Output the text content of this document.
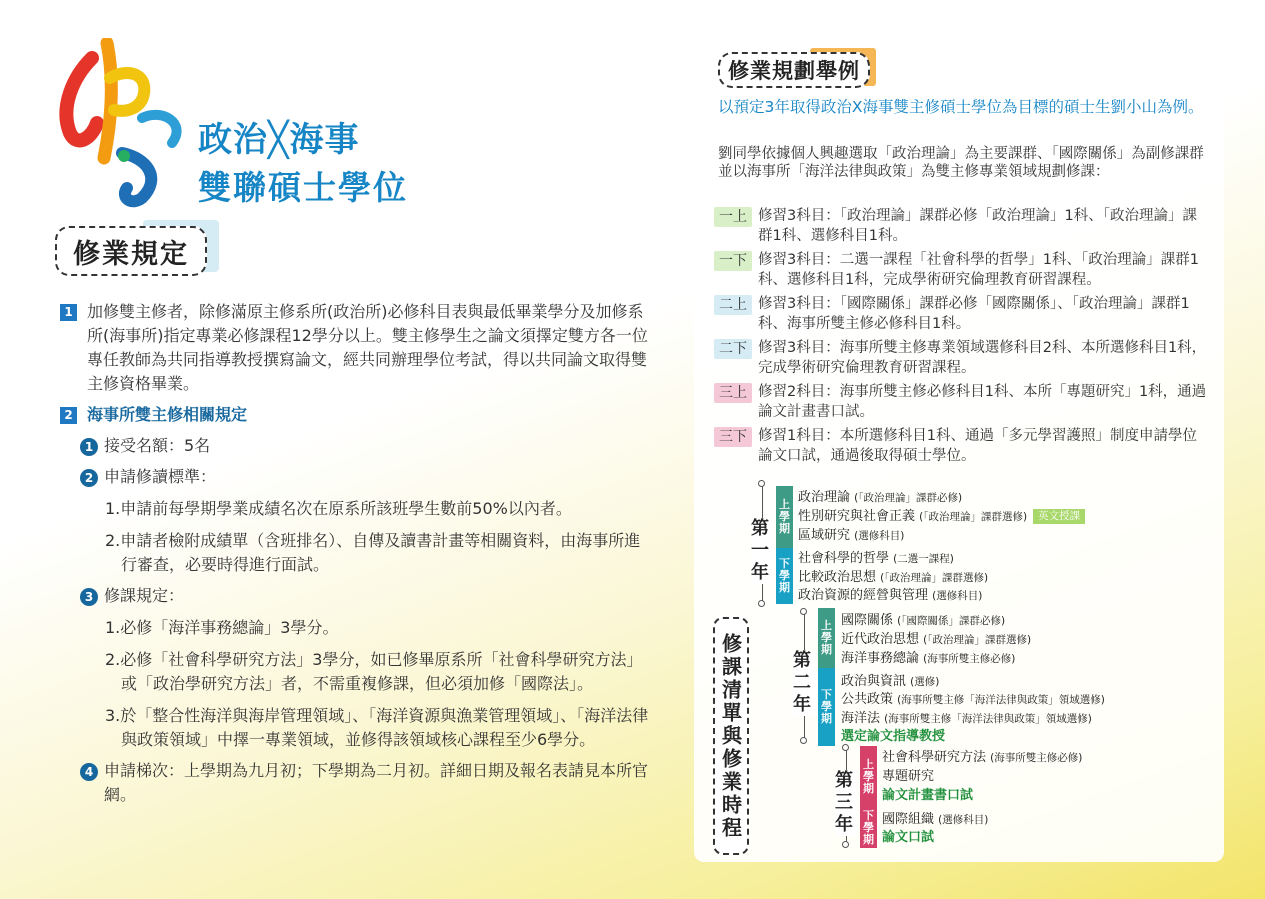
政治╳海事
雙聯碩士學位
修業規定
1 加修雙主修者，除修滿原主修系所(政治所)必修科目表與最低畢業學分及加修系所(海事所)指定專業必修課程12學分以上。雙主修學生之論文須擇定雙方各一位專任教師為共同指導教授撰寫論文，經共同辦理學位考試，得以共同論文取得雙主修資格畢業。
2 海事所雙主修相關規定
1 接受名額：5名
2 申請修讀標準：
1.申請前每學期學業成績名次在原系所該班學生數前50%以內者。
2.申請者檢附成績單（含班排名）、自傳及讀書計畫等相關資料，由海事所進行審查，必要時得進行面試。
3 修課規定：
1.必修「海洋事務總論」3學分。
2.必修「社會科學研究方法」3學分，如已修畢原系所「社會科學研究方法」或「政治學研究方法」者，不需重複修課，但必須加修「國際法」。
3.於「整合性海洋與海岸管理領域」、「海洋資源與漁業管理領域」、「海洋法律與政策領域」中擇一專業領域，並修得該領域核心課程至少6學分。
4 申請梯次：上學期為九月初；下學期為二月初。詳細日期及報名表請見本所官網。
修業規劃舉例
以預定3年取得政治X海事雙主修碩士學位為目標的碩士生劉小山為例。
劉同學依據個人興趣選取「政治理論」為主要課群、「國際關係」為副修課群並以海事所「海洋法律與政策」為雙主修專業領域規劃修課：
一上 修習3科目：「政治理論」課群必修「政治理論」1科、「政治理論」課群1科、選修科目1科。
一下 修習3科目：二選一課程「社會科學的哲學」1科、「政治理論」課群1科、選修科目1科，完成學術研究倫理教育研習課程。
二上 修習3科目：「國際關係」課群必修「國際關係」、「政治理論」課群1科、海事所雙主修必修科目1科。
二下 修習3科目：海事所雙主修專業領域選修科目2科、本所選修科目1科，完成學術研究倫理教育研習課程。
三上 修習2科目：海事所雙主修必修科目1科、本所「專題研究」1科，通過論文計畫書口試。
三下 修習1科目：本所選修科目1科、通過「多元學習護照」制度申請學位論文口試，通過後取得碩士學位。
修課清單與修業時程
第
一
年
上
學
期
下
學
期
政治理論 (「政治理論」課群必修)
性別研究與社會正義 (「政治理論」課群選修) 英文授課
區域研究 (選修科目)
社會科學的哲學 (二選一課程)
比較政治思想 (「政治理論」課群選修)
政治資源的經營與管理 (選修科目)
第
二
年
上
學
期
下
學
期
國際關係 (「國際關係」課群必修)
近代政治思想 (「政治理論」課群選修)
海洋事務總論 (海事所雙主修必修)
政治與資訊 (選修)
公共政策 (海事所雙主修「海洋法律與政策」領域選修)
海洋法 (海事所雙主修「海洋法律與政策」領域選修)
選定論文指導教授
第
三
年
上
學
期
下
學
期
社會科學研究方法 (海事所雙主修必修)
專題研究
論文計畫書口試
國際組織 (選修科目)
論文口試
